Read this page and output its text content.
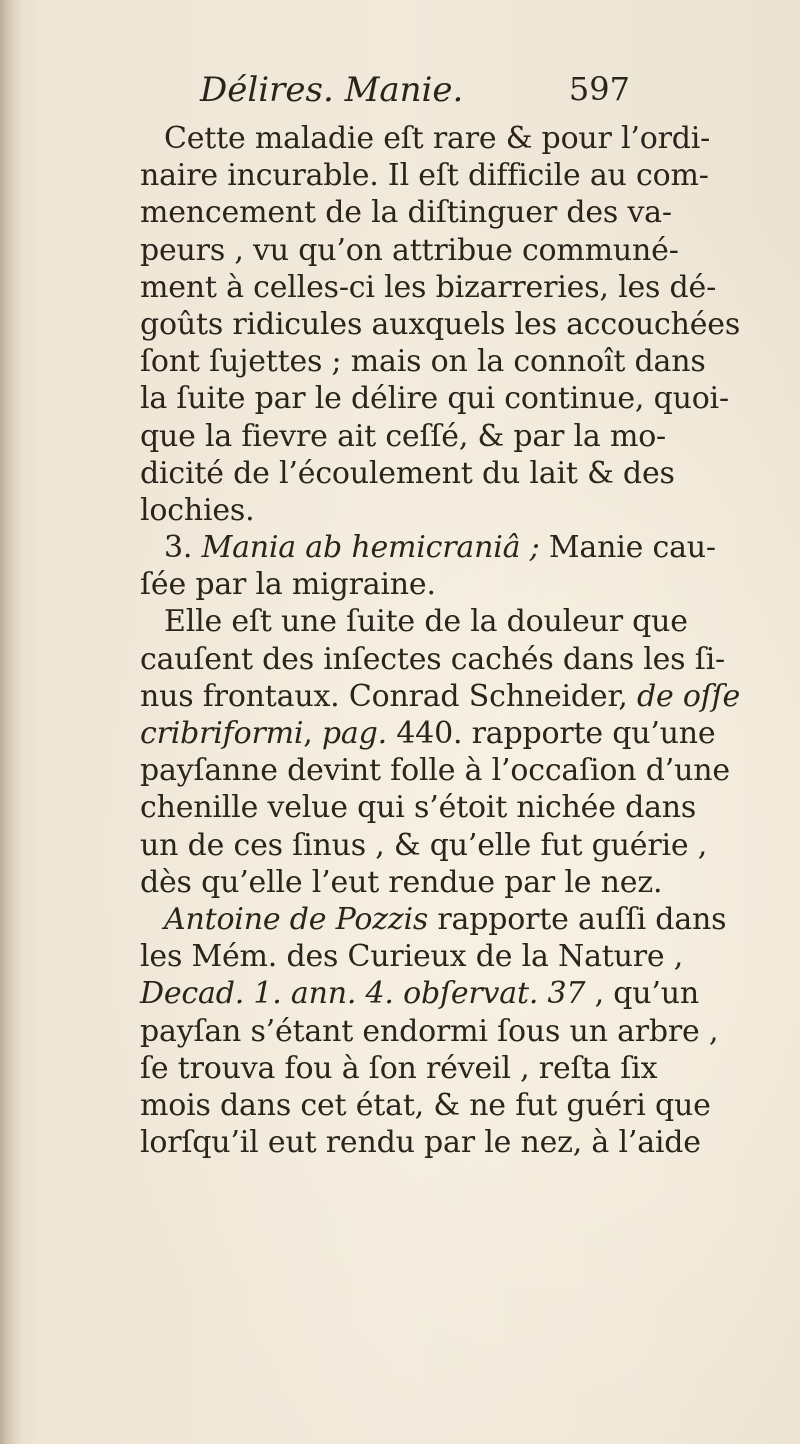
Délires. Manie.	597
Cette maladie eſt rare & pour l’ordi-
naire incurable. Il eſt difficile au com-
mencement de la diſtinguer des va-
peurs , vu qu’on attribue communé-
ment à celles-ci les bizarreries, les dé-
goûts ridicules auxquels les accouchées
ſont ſujettes ; mais on la connoît dans
la ſuite par le délire qui continue, quoi-
que la fievre ait ceſſé, & par la mo-
dicité de l’écoulement du lait & des
lochies.
3. Mania ab hemicraniâ ; Manie cau-
ſée par la migraine.
Elle eſt une ſuite de la douleur que
cauſent des inſectes cachés dans les ſi-
nus frontaux. Conrad Schneider, de oſſe
cribriformi, pag. 440. rapporte qu’une
payſanne devint folle à l’occaſion d’une
chenille velue qui s’étoit nichée dans
un de ces ſinus , & qu’elle fut guérie ,
dès qu’elle l’eut rendue par le nez.
Antoine de Pozzis rapporte auſſi dans
les Mém. des Curieux de la Nature ,
Decad. 1. ann. 4. obſervat. 37 , qu’un
payſan s’étant endormi ſous un arbre ,
ſe trouva fou à ſon réveil , reſta ſix
mois dans cet état, & ne fut guéri que
lorſqu’il eut rendu par le nez, à l’aide
